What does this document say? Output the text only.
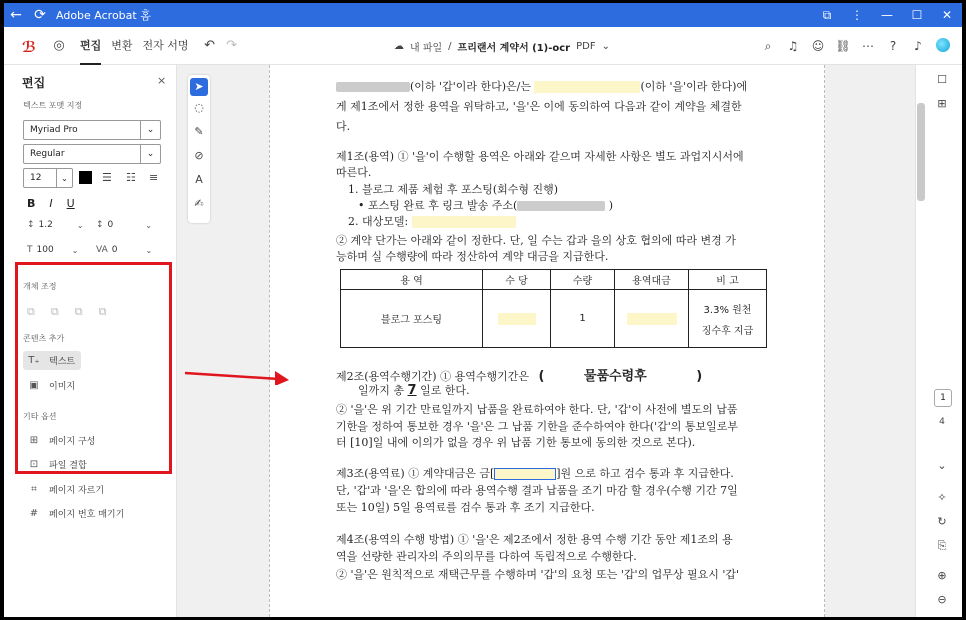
← ⟳ Adobe Acrobat 홈	⧉	⋮	—	☐	✕
ℬ	◎	편집 변환 전자 서명	↶ ↷	☁ 내 파일 / 프리랜서 계약서 (1)-ocr PDF ⌄	⌕	♫	☺ ⛓ ⋯	?	♪
편집	×
텍스트 포맷 지정
Myriad Pro	⌄
Regular	⌄
12	⌄	☰ ☷ ≡
B I U
↕ 1.2	⌄ ↕ 0	⌄
T 100 ⌄ VA 0	⌄
개체 조정
⧉ ⧉ ⧉ ⧉
콘텐츠 추가
T₊ 텍스트
▣ 이미지
기타 옵션
⊞	페이지 구성
⊡	파일 결합
⌗	페이지 자르기
#	페이지 번호 매기기
➤
◌
✎
⊘
A
✍
(이하 '갑'이라 한다)은/는	(이하 '을'이라 한다)에
게 제1조에서 정한 용역을 위탁하고, '을'은 이에 동의하여 다음과 같이 계약을 체결한
다.
제1조(용역) ① '을'이 수행할 용역은 아래와 같으며 자세한 사항은 별도 과업지시서에
따른다.
1. 블로그 제품 체험 후 포스팅(회수형 진행)
• 포스팅 완료 후 링크 발송 주소(	)
2. 대상모델:
② 계약 단가는 아래와 같이 정한다. 단, 일 수는 갑과 을의 상호 협의에 따라 변경 가
능하며 실 수행량에 따라 정산하여 계약 대금을 지급한다.
용 역	수 당	수량	용역대금	비 고
블로그 포스팅		1		3.3% 원천
징수후 지급
제2조(용역수행기간) ① 용역수행기간은 (	물품수령후	)
일까지 총 7 일로 한다.
② '을'은 위 기간 만료일까지 납품을 완료하여야 한다. 단, '갑'이 사전에 별도의 납품
기한을 정하여 통보한 경우 '을'은 그 납품 기한을 준수하여야 한다('갑'의 통보일로부
터 [10]일 내에 이의가 없을 경우 위 납품 기한 통보에 동의한 것으로 본다).
제3조(용역료) ① 계약대금은 금[	]원 으로 하고 검수 통과 후 지급한다.
단, '갑'과 '을'은 합의에 따라 용역수행 결과 납품을 조기 마감 할 경우(수행 기간 7일
또는 10일) 5일 용역료를 검수 통과 후 조기 지급한다.
제4조(용역의 수행 방법) ① '을'은 제2조에서 정한 용역 수행 기간 동안 제1조의 용
역을 선량한 관리자의 주의의무를 다하여 독립적으로 수행한다.
② '을'은 원칙적으로 재택근무를 수행하며 '갑'의 요청 또는 '갑'의 업무상 필요시 '갑'
☐
⊞
1
4
⌄
✧
↻
⎘
⊕
⊖
